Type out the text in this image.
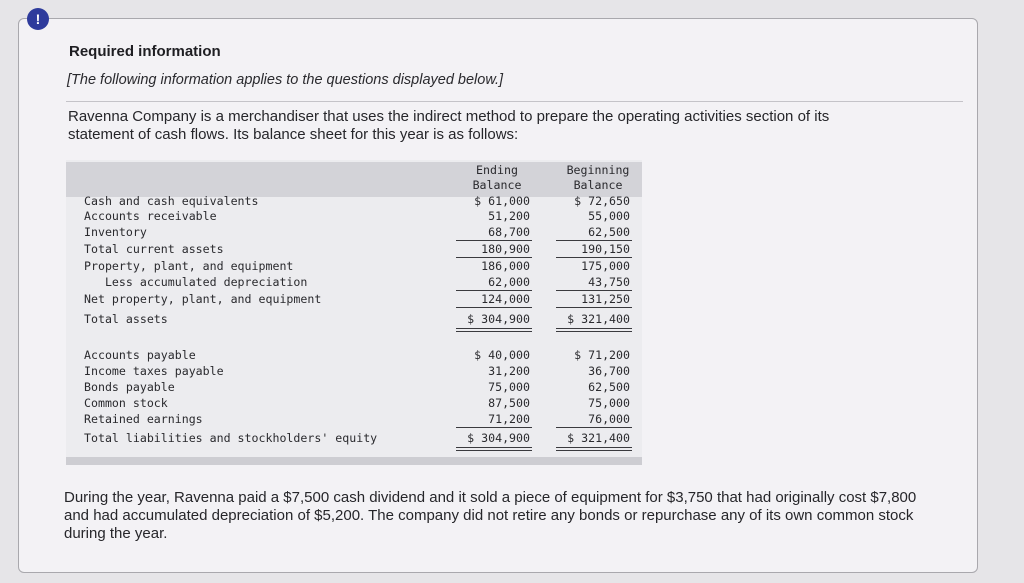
!
Required information
[The following information applies to the questions displayed below.]
Ravenna Company is a merchandiser that uses the indirect method to prepare the operating activities section of its statement of cash flows. Its balance sheet for this year is as follows:
Ending
Balance
Beginning
Balance
Cash and cash equivalents	$ 61,000	$ 72,650
Accounts receivable	51,200	55,000
Inventory	68,700	62,500
Total current assets	180,900	190,150
Property, plant, and equipment	186,000	175,000
Less accumulated depreciation	62,000	43,750
Net property, plant, and equipment	124,000	131,250
Total assets	$ 304,900	$ 321,400
Accounts payable	$ 40,000	$ 71,200
Income taxes payable	31,200	36,700
Bonds payable	75,000	62,500
Common stock	87,500	75,000
Retained earnings	71,200	76,000
Total liabilities and stockholders' equity	$ 304,900	$ 321,400
During the year, Ravenna paid a $7,500 cash dividend and it sold a piece of equipment for $3,750 that had originally cost $7,800 and had accumulated depreciation of $5,200. The company did not retire any bonds or repurchase any of its own common stock during the year.
